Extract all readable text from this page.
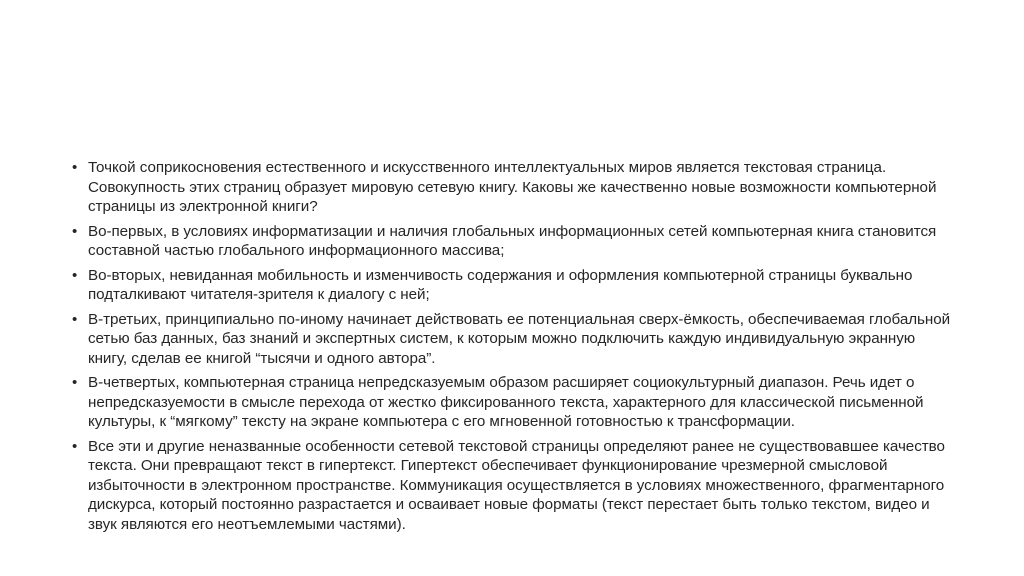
• Точкой соприкосновения естественного и искусственного интеллектуальных миров является текстовая страница. Совокупность этих страниц образует мировую сетевую книгу. Каковы же качественно новые возможности компьютерной страницы из электронной книги?
• Во-первых, в условиях информатизации и наличия глобальных информационных сетей компьютерная книга становится составной частью глобального информационного массива;
• Во-вторых, невиданная мобильность и изменчивость содержания и оформления компьютерной страницы буквально подталкивают читателя-зрителя к диалогу с ней;
• В-третьих, принципиально по-иному начинает действовать ее потенциальная сверх-ёмкость, обеспечиваемая глобальной сетью баз данных, баз знаний и экспертных систем, к которым можно подключить каждую индивидуальную экранную книгу, сделав ее книгой “тысячи и одного автора”.
• В-четвертых, компьютерная страница непредсказуемым образом расширяет социокультурный диапазон. Речь идет о непредсказуемости в смысле перехода от жестко фиксированного текста, характерного для классической письменной культуры, к “мягкому” тексту на экране компьютера с его мгновенной готовностью к трансформации.
• Все эти и другие неназванные особенности сетевой текстовой страницы определяют ранее не существовавшее качество текста. Они превращают текст в гипертекст. Гипертекст обеспечивает функционирование чрезмерной смысловой избыточности в электронном пространстве. Коммуникация осуществляется в условиях множественного, фрагментарного дискурса, который постоянно разрастается и осваивает новые форматы (текст перестает быть только текстом, видео и звук являются его неотъемлемыми частями).
